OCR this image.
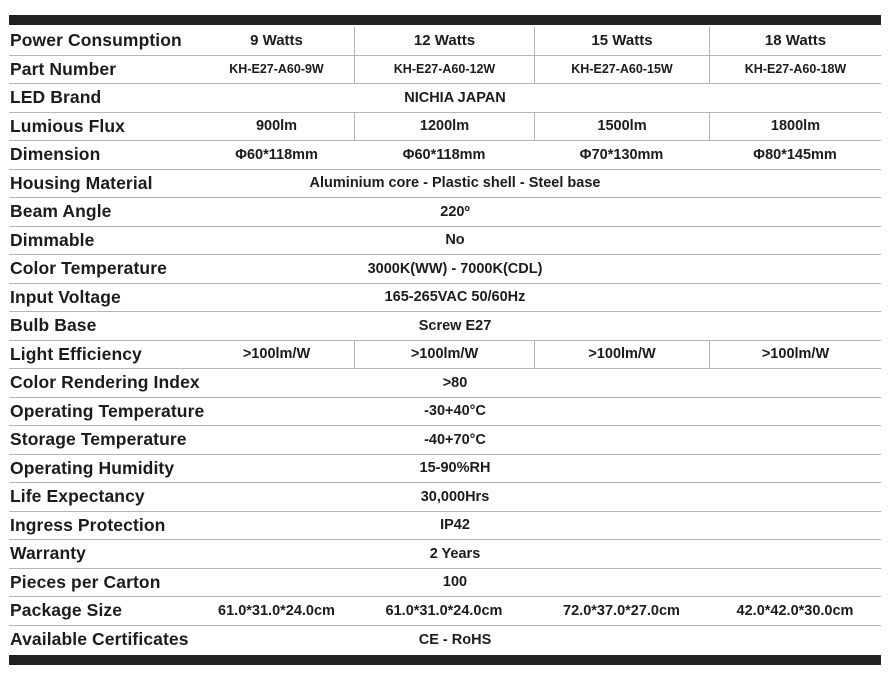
Power Consumption	9 Watts	12 Watts	15 Watts	18 Watts
Part Number	KH-E27-A60-9W	KH-E27-A60-12W	KH-E27-A60-15W	KH-E27-A60-18W
LED Brand	NICHIA JAPAN
Lumious Flux	900lm	1200lm	1500lm	1800lm
Dimension	Φ60*118mm	Φ60*118mm	Φ70*130mm	Φ80*145mm
Housing Material	Aluminium core - Plastic shell - Steel base
Beam Angle	220º
Dimmable	No
Color Temperature	3000K(WW) - 7000K(CDL)
Input Voltage	165-265VAC 50/60Hz
Bulb Base	Screw E27
Light Efficiency	>100lm/W	>100lm/W	>100lm/W	>100lm/W
Color Rendering Index	>80
Operating Temperature	-30+40°C
Storage Temperature	-40+70°C
Operating Humidity	15-90%RH
Life Expectancy	30,000Hrs
Ingress Protection	IP42
Warranty	2 Years
Pieces per Carton	100
Package Size	61.0*31.0*24.0cm	61.0*31.0*24.0cm	72.0*37.0*27.0cm	42.0*42.0*30.0cm
Available Certificates	CE - RoHS
